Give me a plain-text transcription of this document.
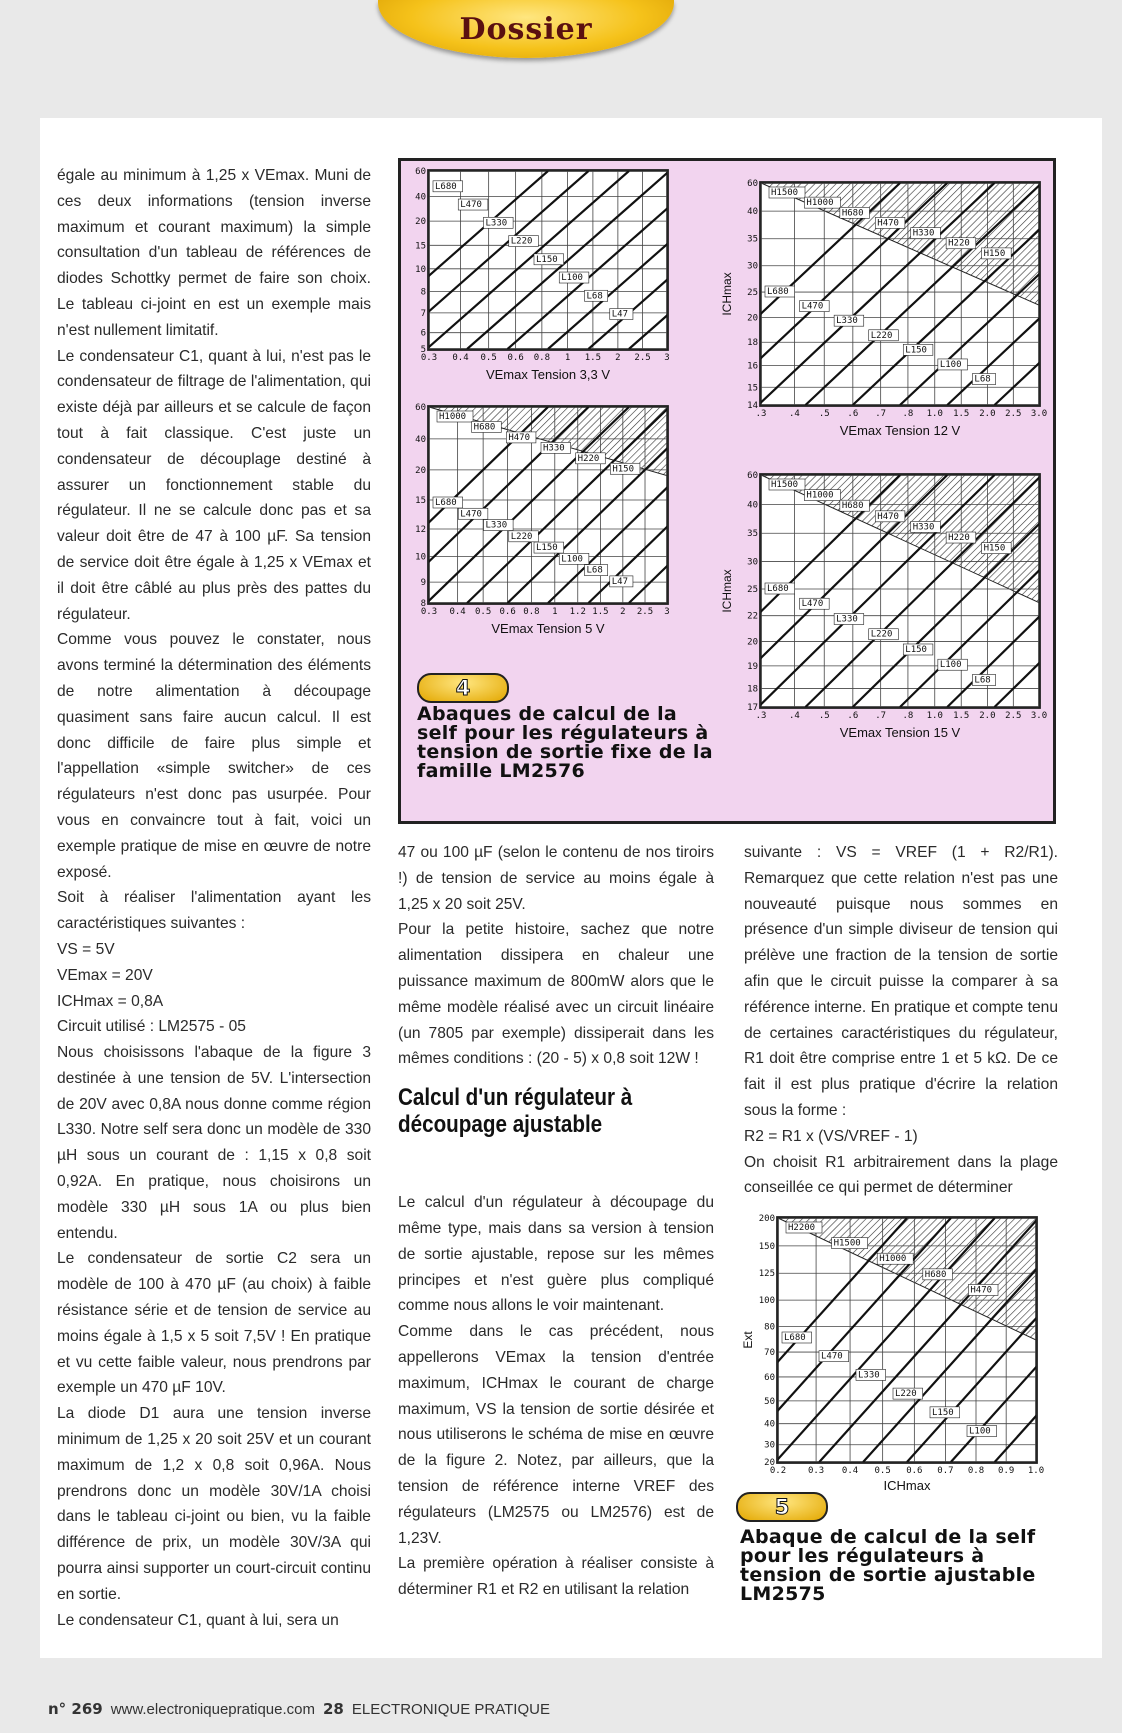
Dossier

égale au minimum à 1,25 x VEmax. Muni de ces deux informations (tension inverse maximum et courant maximum) la simple consultation d'un tableau de références de diodes Schottky permet de faire son choix. Le tableau ci-joint en est un exemple mais n'est nullement limitatif.

Le condensateur C1, quant à lui, n'est pas le condensateur de filtrage de l'alimentation, qui existe déjà par ailleurs et se calcule de façon tout à fait classique. C'est juste un condensateur de découplage destiné à assurer un fonctionnement stable du régulateur. Il ne se calcule donc pas et sa valeur doit être de 47 à 100 µF. Sa tension de service doit être égale à 1,25 x VEmax et il doit être câblé au plus près des pattes du régulateur.

Comme vous pouvez le constater, nous avons terminé la détermination des éléments de notre alimentation à découpage quasiment sans faire aucun calcul. Il est donc difficile de faire plus simple et l'appellation «simple switcher» de ces régulateurs n'est donc pas usurpée. Pour vous en convaincre tout à fait, voici un exemple pratique de mise en œuvre de notre exposé.

Soit à réaliser l'alimentation ayant les caractéristiques suivantes :

VS = 5V

VEmax = 20V

ICHmax = 0,8A

Circuit utilisé : LM2575 - 05

Nous choisissons l'abaque de la figure 3 destinée à une tension de 5V. L'intersection de 20V avec 0,8A nous donne comme région L330. Notre self sera donc un modèle de 330 µH sous un courant de : 1,15 x 0,8 soit 0,92A. En pratique, nous choisirons un modèle 330 µH sous 1A ou plus bien entendu.

Le condensateur de sortie C2 sera un modèle de 100 à 470 µF (au choix) à faible résistance série et de tension de service au moins égale à 1,5 x 5 soit 7,5V ! En pratique et vu cette faible valeur, nous prendrons par exemple un 470 µF 10V.

La diode D1 aura une tension inverse minimum de 1,25 x 20 soit 25V et un courant maximum de 1,2 x 0,8 soit 0,96A. Nous prendrons donc un modèle 30V/1A choisi dans le tableau ci-joint ou bien, vu la faible différence de prix, un modèle 30V/3A qui pourra ainsi supporter un court-circuit continu en sortie.

Le condensateur C1, quant à lui, sera un

0.3 0.4 0.5 0.6 0.8 1 1.5 2 2.5 3
5
6
7
8
10
15
20
40
60
L680
L470
L330
L220
L150
L100
L68
L47
VEmax Tension 3,3 V
0.3 0.4 0.5 0.6 0.8 1 1.2 1.5 2 2.5 3
8
9
10
12
15
20
40
60
H1000
H680
H470
H330
H220
H150
L680
L470
L330
L220
L150
L100
L68
L47
VEmax Tension 5 V
.3	.4 .5 .6 .7 .8 1.0 1.5 2.0 2.5 3.0
14
15
16
18
20
25
30
35
40
60
H1500
H1000
H680
H470
H330
H220
H150
L680
L470
L330
L220
L150
L100
L68
VEmax Tension 12 V
ICHmax
.3	.4 .5 .6 .7 .8 1.0 1.5 2.0 2.5 3.0
17
18
19
20
22
25
30
35
40
60
H1500
H1000
H680
H470
H330
H220
H150
L680
L470
L330
L220
L150
L100
L68
VEmax Tension 15 V
ICHmax
4
Abaques de calcul de la self pour les régulateurs à tension de sortie fixe de la famille LM2576

47 ou 100 µF (selon le contenu de nos tiroirs !) de tension de service au moins égale à 1,25 x 20 soit 25V.

Pour la petite histoire, sachez que notre alimentation dissipera en chaleur une puissance maximum de 800mW alors que le même modèle réalisé avec un circuit linéaire (un 7805 par exemple) dissiperait dans les mêmes conditions : (20 - 5) x 0,8 soit 12W !

Calcul d'un régulateur à découpage ajustable

Le calcul d'un régulateur à découpage du même type, mais dans sa version à tension de sortie ajustable, repose sur les mêmes principes et n'est guère plus compliqué comme nous allons le voir maintenant.

Comme dans le cas précédent, nous appellerons VEmax la tension d'entrée maximum, ICHmax le courant de charge maximum, VS la tension de sortie désirée et nous utiliserons le schéma de mise en œuvre de la figure 2. Notez, par ailleurs, que la tension de référence interne VREF des régulateurs (LM2575 ou LM2576) est de 1,23V.

La première opération à réaliser consiste à déterminer R1 et R2 en utilisant la relation

suivante : VS = VREF (1 + R2/R1). Remarquez que cette relation n'est pas une nouveauté puisque nous sommes en présence d'un simple diviseur de tension qui prélève une fraction de la tension de sortie afin que le circuit puisse la comparer à sa référence interne. En pratique et compte tenu de certaines caractéristiques du régulateur, R1 doit être comprise entre 1 et 5 kΩ. De ce fait il est plus pratique d'écrire la relation sous la forme :

R2 = R1 x (VS/VREF - 1)

On choisit R1 arbitrairement dans la plage conseillée ce qui permet de déterminer

0.2 0.3 0.4 0.5 0.6 0.7 0.8 0.9 1.0
20
30
40
50
60
70
80
100
125
150
200
H2200
H1500
H1000
H680
H470
L680
L470
L330
L220
L150
L100
Ext
ICHmax
5
Abaque de calcul de la self pour les régulateurs à tension de sortie ajustable LM2575
n° 269 www.electroniquepratique.com 28 ELECTRONIQUE PRATIQUE
